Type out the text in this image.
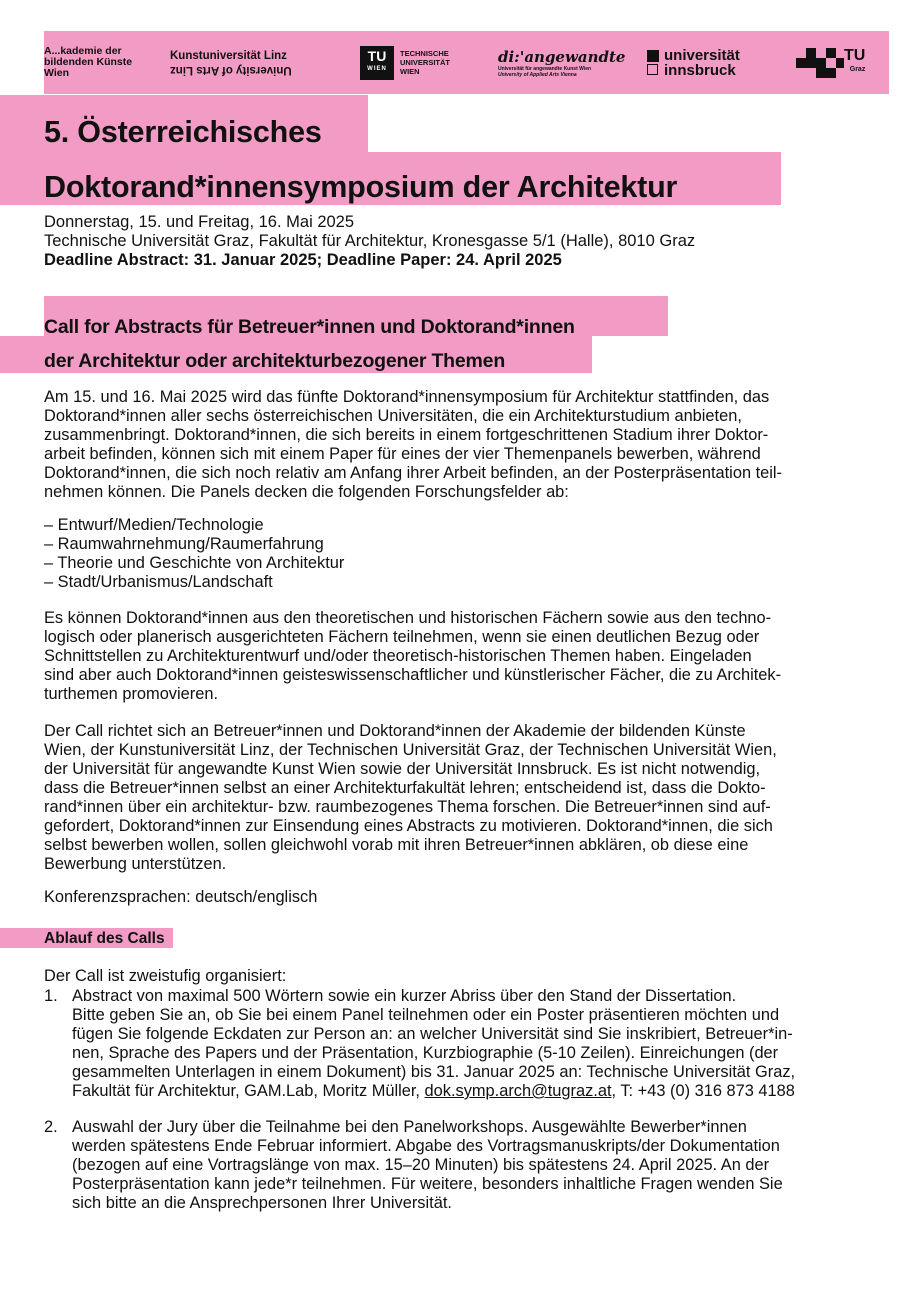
A...kademie der
bildenden Künste
Wien
Kunstuniversität Linz
University of Arts Linz
TU
WIEN
TECHNISCHE
UNIVERSITÄT
WIEN
di:'angewandte
Universität für angewandte Kunst Wien
University of Applied Arts Vienna
universität
innsbruck
TU
Graz
5. Österreichisches
Doktorand*innensymposium der Architektur
Donnerstag, 15. und Freitag, 16. Mai 2025
Technische Universität Graz, Fakultät für Architektur, Kronesgasse 5/1 (Halle), 8010 Graz
Deadline Abstract: 31. Januar 2025; Deadline Paper: 24. April 2025
Call for Abstracts für Betreuer*innen und Doktorand*innen
der Architektur oder architekturbezogener Themen
Am 15. und 16. Mai 2025 wird das fünfte Doktorand*innensymposium für Architektur stattfinden, das
Doktorand*innen aller sechs österreichischen Universitäten, die ein Architekturstudium anbieten,
zusammenbringt. Doktorand*innen, die sich bereits in einem fortgeschrittenen Stadium ihrer Doktor-
arbeit befinden, können sich mit einem Paper für eines der vier Themenpanels bewerben, während
Doktorand*innen, die sich noch relativ am Anfang ihrer Arbeit befinden, an der Posterpräsentation teil-
nehmen können. Die Panels decken die folgenden Forschungsfelder ab:
– Entwurf/Medien/Technologie
– Raumwahrnehmung/Raumerfahrung
– Theorie und Geschichte von Architektur
– Stadt/Urbanismus/Landschaft
Es können Doktorand*innen aus den theoretischen und historischen Fächern sowie aus den techno-
logisch oder planerisch ausgerichteten Fächern teilnehmen, wenn sie einen deutlichen Bezug oder
Schnittstellen zu Architekturentwurf und/oder theoretisch-historischen Themen haben. Eingeladen
sind aber auch Doktorand*innen geisteswissenschaftlicher und künstlerischer Fächer, die zu Architek-
turthemen promovieren.
Der Call richtet sich an Betreuer*innen und Doktorand*innen der Akademie der bildenden Künste
Wien, der Kunstuniversität Linz, der Technischen Universität Graz, der Technischen Universität Wien,
der Universität für angewandte Kunst Wien sowie der Universität Innsbruck. Es ist nicht notwendig,
dass die Betreuer*innen selbst an einer Architekturfakultät lehren; entscheidend ist, dass die Dokto-
rand*innen über ein architektur- bzw. raumbezogenes Thema forschen. Die Betreuer*innen sind auf-
gefordert, Doktorand*innen zur Einsendung eines Abstracts zu motivieren. Doktorand*innen, die sich
selbst bewerben wollen, sollen gleichwohl vorab mit ihren Betreuer*innen abklären, ob diese eine
Bewerbung unterstützen.
Konferenzsprachen: deutsch/englisch
Ablauf des Calls
Der Call ist zweistufig organisiert:
1. Abstract von maximal 500 Wörtern sowie ein kurzer Abriss über den Stand der Dissertation.
Bitte geben Sie an, ob Sie bei einem Panel teilnehmen oder ein Poster präsentieren möchten und
fügen Sie folgende Eckdaten zur Person an: an welcher Universität sind Sie inskribiert, Betreuer*in-
nen, Sprache des Papers und der Präsentation, Kurzbiographie (5-10 Zeilen). Einreichungen (der
gesammelten Unterlagen in einem Dokument) bis 31. Januar 2025 an: Technische Universität Graz,
Fakultät für Architektur, GAM.Lab, Moritz Müller, dok.symp.arch@tugraz.at, T: +43 (0) 316 873 4188
2. Auswahl der Jury über die Teilnahme bei den Panelworkshops. Ausgewählte Bewerber*innen
werden spätestens Ende Februar informiert. Abgabe des Vortragsmanuskripts/der Dokumentation
(bezogen auf eine Vortragslänge von max. 15–20 Minuten) bis spätestens 24. April 2025. An der
Posterpräsentation kann jede*r teilnehmen. Für weitere, besonders inhaltliche Fragen wenden Sie
sich bitte an die Ansprechpersonen Ihrer Universität.
